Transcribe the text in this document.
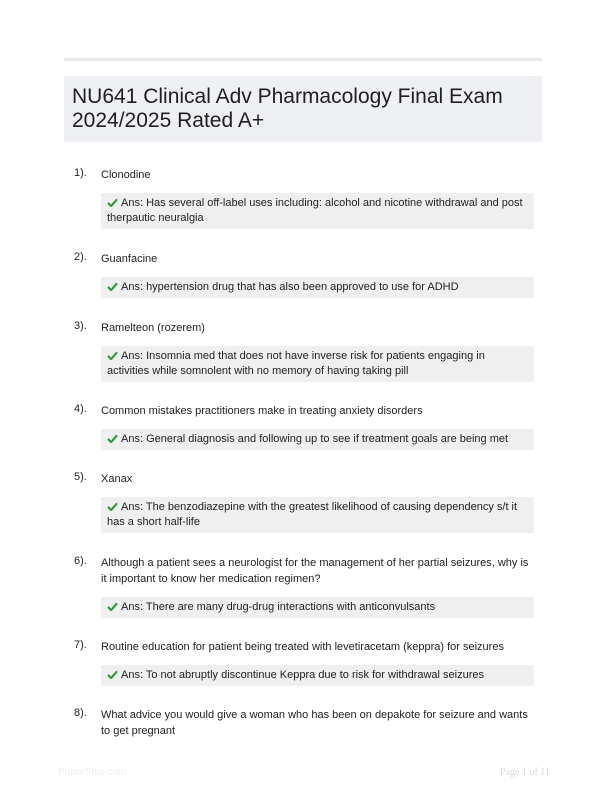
NU641 Clinical Adv Pharmacology Final Exam 2024/2025 Rated A+
1). Clonodine
Ans: Has several off-label uses including: alcohol and nicotine withdrawal and post therpautic neuralgia
2). Guanfacine
Ans: hypertension drug that has also been approved to use for ADHD
3). Ramelteon (rozerem)
Ans: Insomnia med that does not have inverse risk for patients engaging in activities while somnolent with no memory of having taking pill
4). Common mistakes practitioners make in treating anxiety disorders
Ans: General diagnosis and following up to see if treatment goals are being met
5). Xanax
Ans: The benzodiazepine with the greatest likelihood of causing dependency s/t it has a short half-life
6). Although a patient sees a neurologist for the management of her partial seizures, why is it important to know her medication regimen?
Ans: There are many drug-drug interactions with anticonvulsants
7). Routine education for patient being treated with levetiracetam (keppra) for seizures
Ans: To not abruptly discontinue Keppra due to risk for withdrawal seizures
8). What advice you would give a woman who has been on depakote for seizure and wants to get pregnant
PaperShip.com	Page 1 of 11
